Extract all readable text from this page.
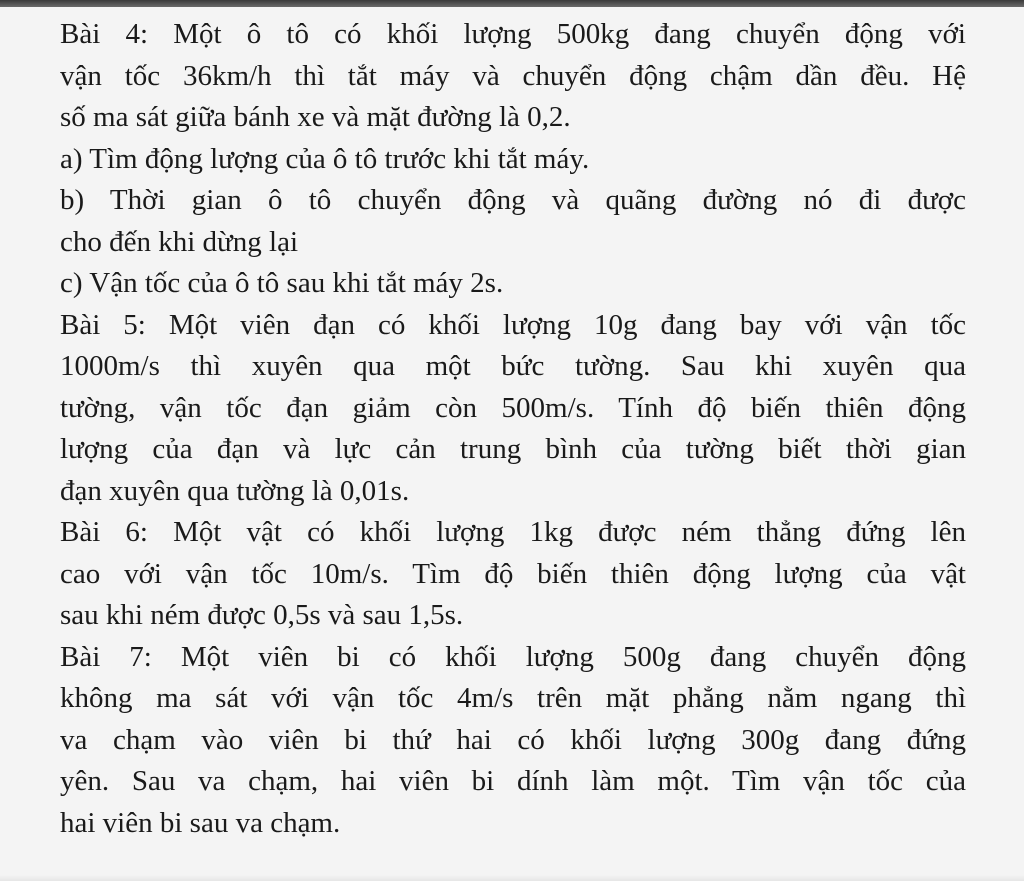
Bài 4: Một ô tô có khối lượng 500kg đang chuyển động với
vận tốc 36km/h thì tắt máy và chuyển động chậm dần đều. Hệ
số ma sát giữa bánh xe và mặt đường là 0,2.
a) Tìm động lượng của ô tô trước khi tắt máy.
b) Thời gian ô tô chuyển động và quãng đường nó đi được
cho đến khi dừng lại
c) Vận tốc của ô tô sau khi tắt máy 2s.
Bài 5: Một viên đạn có khối lượng 10g đang bay với vận tốc
1000m/s thì xuyên qua một bức tường. Sau khi xuyên qua
tường, vận tốc đạn giảm còn 500m/s. Tính độ biến thiên động
lượng của đạn và lực cản trung bình của tường biết thời gian
đạn xuyên qua tường là 0,01s.
Bài 6: Một vật có khối lượng 1kg được ném thẳng đứng lên
cao với vận tốc 10m/s. Tìm độ biến thiên động lượng của vật
sau khi ném được 0,5s và sau 1,5s.
Bài 7: Một viên bi có khối lượng 500g đang chuyển động
không ma sát với vận tốc 4m/s trên mặt phẳng nằm ngang thì
va chạm vào viên bi thứ hai có khối lượng 300g đang đứng
yên. Sau va chạm, hai viên bi dính làm một. Tìm vận tốc của
hai viên bi sau va chạm.
